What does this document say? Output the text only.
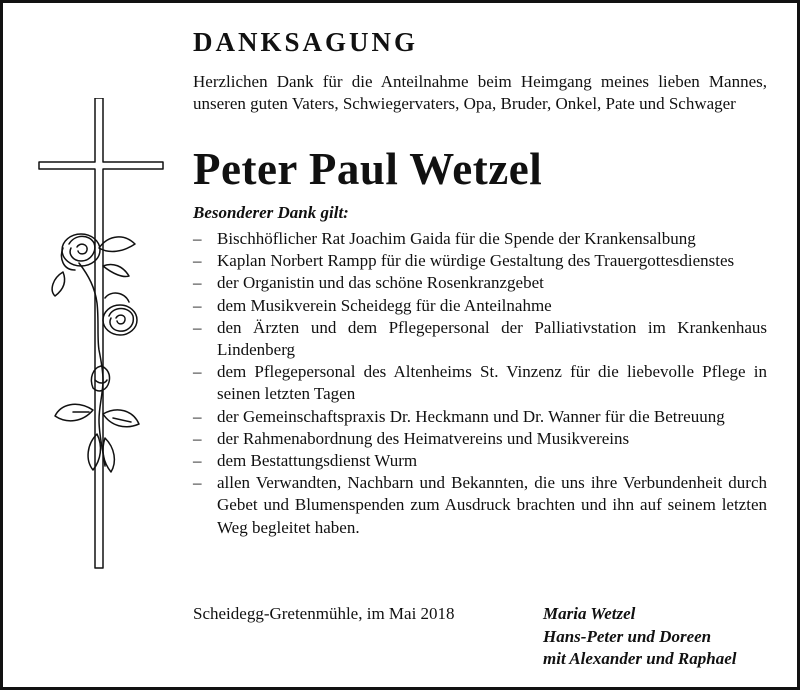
DANKSAGUNG

Herzlichen Dank für die Anteilnahme beim Heimgang meines lieben Mannes, unseren guten Vaters, Schwiegervaters, Opa, Bruder, Onkel, Pate und Schwager

Peter Paul Wetzel

Besonderer Dank gilt:

– Bischhöflicher Rat Joachim Gaida für die Spende der Krankensalbung
– Kaplan Norbert Rampp für die würdige Gestaltung des Trauergottesdienstes
– der Organistin und das schöne Rosenkranzgebet
– dem Musikverein Scheidegg für die Anteilnahme
– den Ärzten und dem Pflegepersonal der Palliativstation im Krankenhaus Lindenberg
– dem Pflegepersonal des Altenheims St. Vinzenz für die liebevolle Pflege in seinen letzten Tagen
– der Gemeinschaftspraxis Dr. Heckmann und Dr. Wanner für die Betreuung
– der Rahmenabordnung des Heimatvereins und Musikvereins
– dem Bestattungsdienst Wurm
– allen Verwandten, Nachbarn und Bekannten, die uns ihre Verbundenheit durch Gebet und Blumenspenden zum Ausdruck brachten und ihn auf seinem letzten Weg begleitet haben.

Scheidegg-Gretenmühle, im Mai 2018	Maria Wetzel
Hans-Peter und Doreen
mit Alexander und Raphael
